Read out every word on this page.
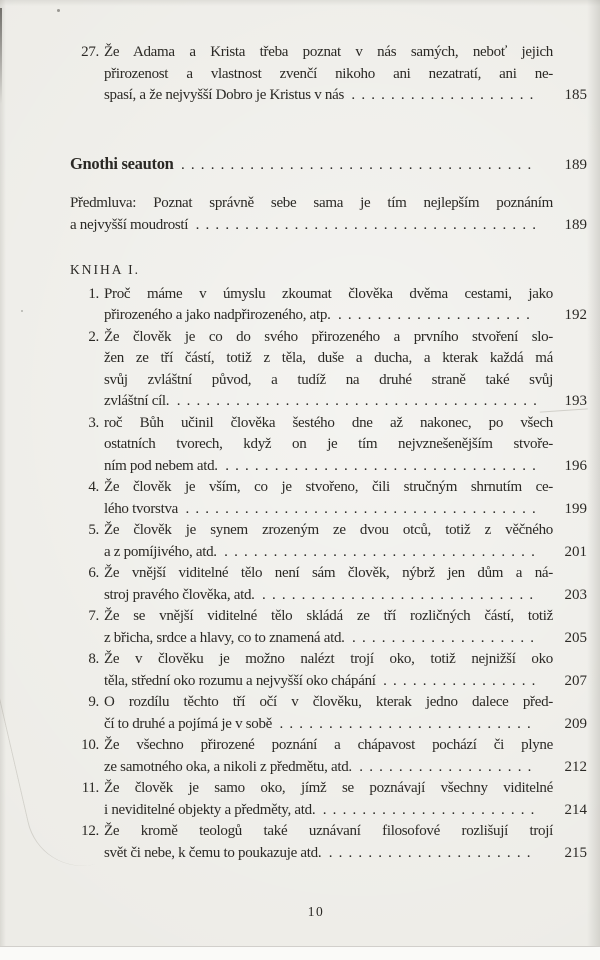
27. Že Adama a Krista třeba poznat v nás samých, neboť jejich
přirozenost a vlastnost zvenčí nikoho ani nezatratí, ani ne-
spasí, a že nejvyšší Dobro je Kristus v nás . . . . . . . . . . . . . . . . . . . 185
Gnothi seauton . . . . . . . . . . . . . . . . . . . . . . . . . . . . . . . . . . . . 189
Předmluva: Poznat správně sebe sama je tím nejlepším poznáním
a nejvyšší moudrostí . . . . . . . . . . . . . . . . . . . . . . . . . . . . . . . . . . . 189
KNIHA I.
1. Proč máme v úmyslu zkoumat člověka dvěma cestami, jako
přirozeného a jako nadpřirozeného, atp. . . . . . . . . . . . . . . . . . . . . 192
2. Že člověk je co do svého přirozeného a prvního stvoření slo-
žen ze tří částí, totiž z těla, duše a ducha, a kterak každá má
svůj zvláštní původ, a tudíž na druhé straně také svůj
zvláštní cíl. . . . . . . . . . . . . . . . . . . . . . . . . . . . . . . . . . . . . . 193
3. roč Bůh učinil člověka šestého dne až nakonec, po všech
ostatních tvorech, když on je tím nejvznešenějším stvoře-
ním pod nebem atd. . . . . . . . . . . . . . . . . . . . . . . . . . . . . . . . . 196
4. Že člověk je vším, co je stvořeno, čili stručným shrnutím ce-
lého tvorstva . . . . . . . . . . . . . . . . . . . . . . . . . . . . . . . . . . . . 199
5. Že člověk je synem zrozeným ze dvou otců, totiž z věčného
a z pomíjivého, atd. . . . . . . . . . . . . . . . . . . . . . . . . . . . . . . . . 201
6. Že vnější viditelné tělo není sám člověk, nýbrž jen dům a ná-
stroj pravého člověka, atd. . . . . . . . . . . . . . . . . . . . . . . . . . . . . 203
7. Že se vnější viditelné tělo skládá ze tří rozličných částí, totiž
z břicha, srdce a hlavy, co to znamená atd. . . . . . . . . . . . . . . . . . . . 205
8. Že v člověku je možno nalézt trojí oko, totiž nejnižší oko
těla, střední oko rozumu a nejvyšší oko chápání . . . . . . . . . . . . . . . . 207
9. O rozdílu těchto tří očí v člověku, kterak jedno dalece před-
čí to druhé a pojímá je v sobě . . . . . . . . . . . . . . . . . . . . . . . . . . 209
10. Že všechno přirozené poznání a chápavost pochází či plyne
ze samotného oka, a nikoli z předmětu, atd. . . . . . . . . . . . . . . . . . . 212
11. Že člověk je samo oko, jímž se poznávají všechny viditelné
i neviditelné objekty a předměty, atd. . . . . . . . . . . . . . . . . . . . . . . 214
12. Že kromě teologů také uznávaní filosofové rozlišují trojí
svět či nebe, k čemu to poukazuje atd. . . . . . . . . . . . . . . . . . . . . . 215
10
